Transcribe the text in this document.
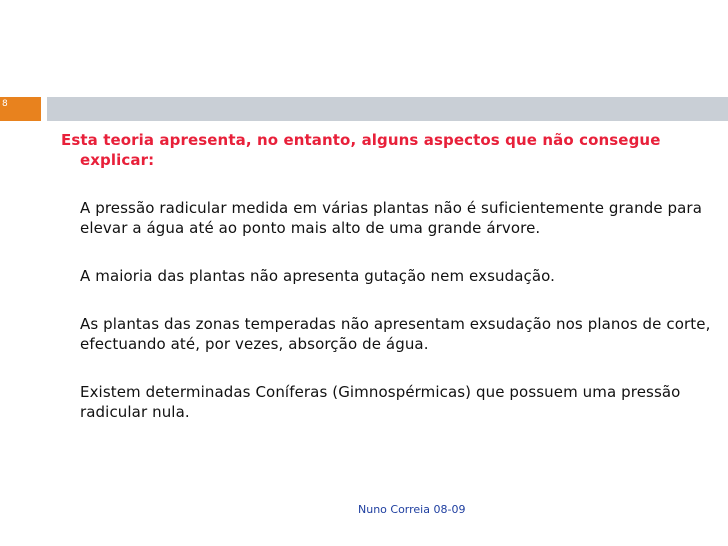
8

Esta teoria apresenta, no entanto, alguns aspectos que não consegue explicar:

A pressão radicular medida em várias plantas não é suficientemente grande para elevar a água até ao ponto mais alto de uma grande árvore.

A maioria das plantas não apresenta gutação nem exsudação.

As plantas das zonas temperadas não apresentam exsudação nos planos de corte, efectuando até, por vezes, absorção de água.

Existem determinadas Coníferas (Gimnospérmicas) que possuem uma pressão radicular nula.

Nuno Correia 08-09
